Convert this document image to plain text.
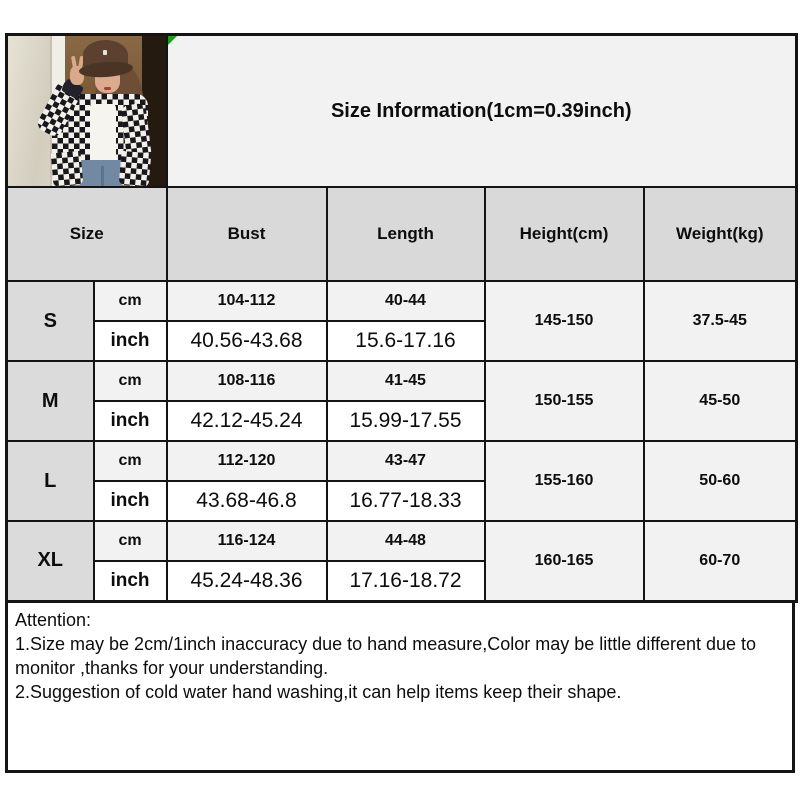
Size Information(1cm=0.39inch)			
Size		Bust	Length	Height(cm)	Weight(kg)
S	cm	104-112	40-44	145-150	37.5-45
	inch	40.56-43.68	15.6-17.16		
M	cm	108-116	41-45	150-155	45-50
	inch	42.12-45.24	15.99-17.55		
L	cm	112-120	43-47	155-160	50-60
	inch	43.68-46.8	16.77-18.33		
XL	cm	116-124	44-48	160-165	60-70
	inch	45.24-48.36	17.16-18.72		
Attention:
1.Size may be 2cm/1inch inaccuracy due to hand measure,Color may be little different due to
monitor ,thanks for your understanding.
2.Suggestion of cold water hand washing,it can help items keep their shape.
